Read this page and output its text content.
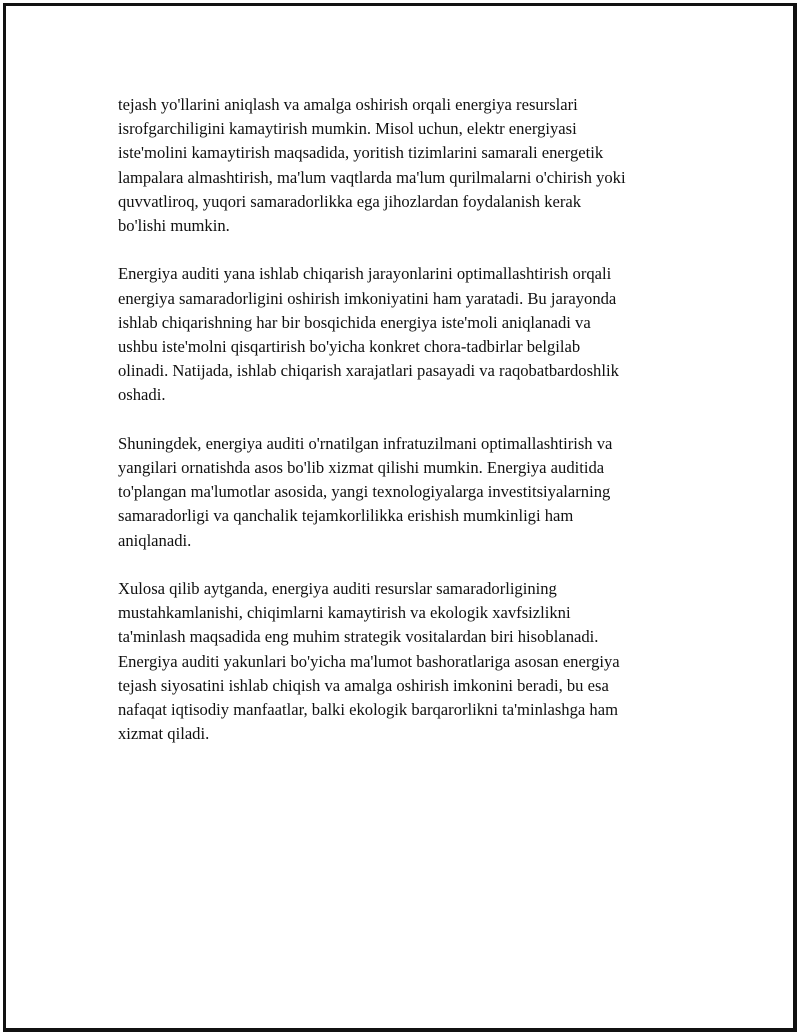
tejash yo'llarini aniqlash va amalga oshirish orqali energiya resurslari
isrofgarchiligini kamaytirish mumkin. Misol uchun, elektr energiyasi
iste'molini kamaytirish maqsadida, yoritish tizimlarini samarali energetik
lampalara almashtirish, ma'lum vaqtlarda ma'lum qurilmalarni o'chirish yoki
quvvatliroq, yuqori samaradorlikka ega jihozlardan foydalanish kerak
bo'lishi mumkin.

Energiya auditi yana ishlab chiqarish jarayonlarini optimallashtirish orqali
energiya samaradorligini oshirish imkoniyatini ham yaratadi. Bu jarayonda
ishlab chiqarishning har bir bosqichida energiya iste'moli aniqlanadi va
ushbu iste'molni qisqartirish bo'yicha konkret chora-tadbirlar belgilab
olinadi. Natijada, ishlab chiqarish xarajatlari pasayadi va raqobatbardoshlik
oshadi.

Shuningdek, energiya auditi o'rnatilgan infratuzilmani optimallashtirish va
yangilari ornatishda asos bo'lib xizmat qilishi mumkin. Energiya auditida
to'plangan ma'lumotlar asosida, yangi texnologiyalarga investitsiyalarning
samaradorligi va qanchalik tejamkorlilikka erishish mumkinligi ham
aniqlanadi.

Xulosa qilib aytganda, energiya auditi resurslar samaradorligining
mustahkamlanishi, chiqimlarni kamaytirish va ekologik xavfsizlikni
ta'minlash maqsadida eng muhim strategik vositalardan biri hisoblanadi.
Energiya auditi yakunlari bo'yicha ma'lumot bashoratlariga asosan energiya
tejash siyosatini ishlab chiqish va amalga oshirish imkonini beradi, bu esa
nafaqat iqtisodiy manfaatlar, balki ekologik barqarorlikni ta'minlashga ham
xizmat qiladi.
